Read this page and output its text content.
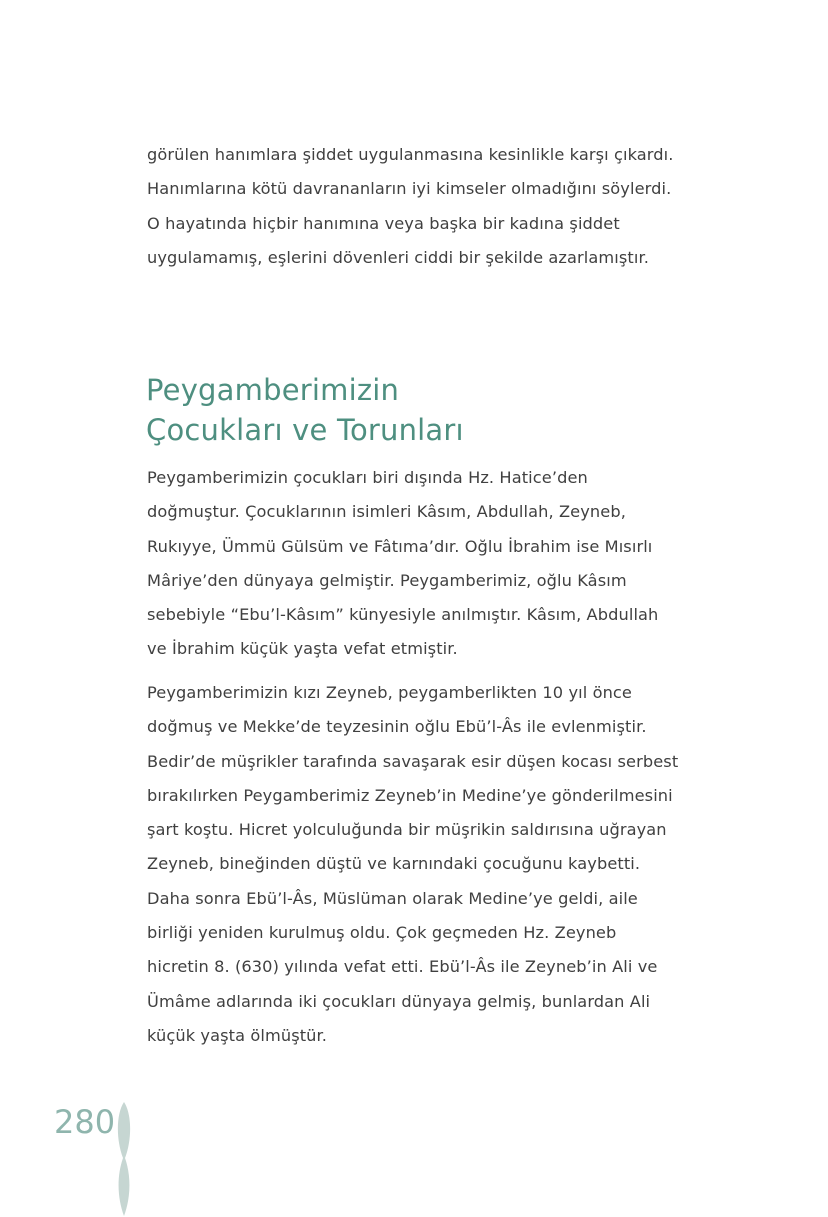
görülen hanımlara şiddet uygulanmasına kesinlikle karşı çıkardı.

Hanımlarına kötü davrananların iyi kimseler olmadığını söylerdi.

O hayatında hiçbir hanımına veya başka bir kadına şiddet

uygulamamış, eşlerini dövenleri ciddi bir şekilde azarlamıştır.

Peygamberimizin
Çocukları ve Torunları

Peygamberimizin çocukları biri dışında Hz. Hatice’den

doğmuştur. Çocuklarının isimleri Kâsım, Abdullah, Zeyneb,

Rukıyye, Ümmü Gülsüm ve Fâtıma’dır. Oğlu İbrahim ise Mısırlı

Mâriye’den dünyaya gelmiştir. Peygamberimiz, oğlu Kâsım

sebebiyle “Ebu’l-Kâsım” künyesiyle anılmıştır. Kâsım, Abdullah

ve İbrahim küçük yaşta vefat etmiştir.

Peygamberimizin kızı Zeyneb, peygamberlikten 10 yıl önce

doğmuş ve Mekke’de teyzesinin oğlu Ebü’l-Âs ile evlenmiştir.

Bedir’de müşrikler tarafında savaşarak esir düşen kocası serbest

bırakılırken Peygamberimiz Zeyneb’in Medine’ye gönderilmesini

şart koştu. Hicret yolculuğunda bir müşrikin saldırısına uğrayan

Zeyneb, bineğinden düştü ve karnındaki çocuğunu kaybetti.

Daha sonra Ebü’l-Âs, Müslüman olarak Medine’ye geldi, aile

birliği yeniden kurulmuş oldu. Çok geçmeden Hz. Zeyneb

hicretin 8. (630) yılında vefat etti. Ebü’l-Âs ile Zeyneb’in Ali ve

Ümâme adlarında iki çocukları dünyaya gelmiş, bunlardan Ali

küçük yaşta ölmüştür.

280
